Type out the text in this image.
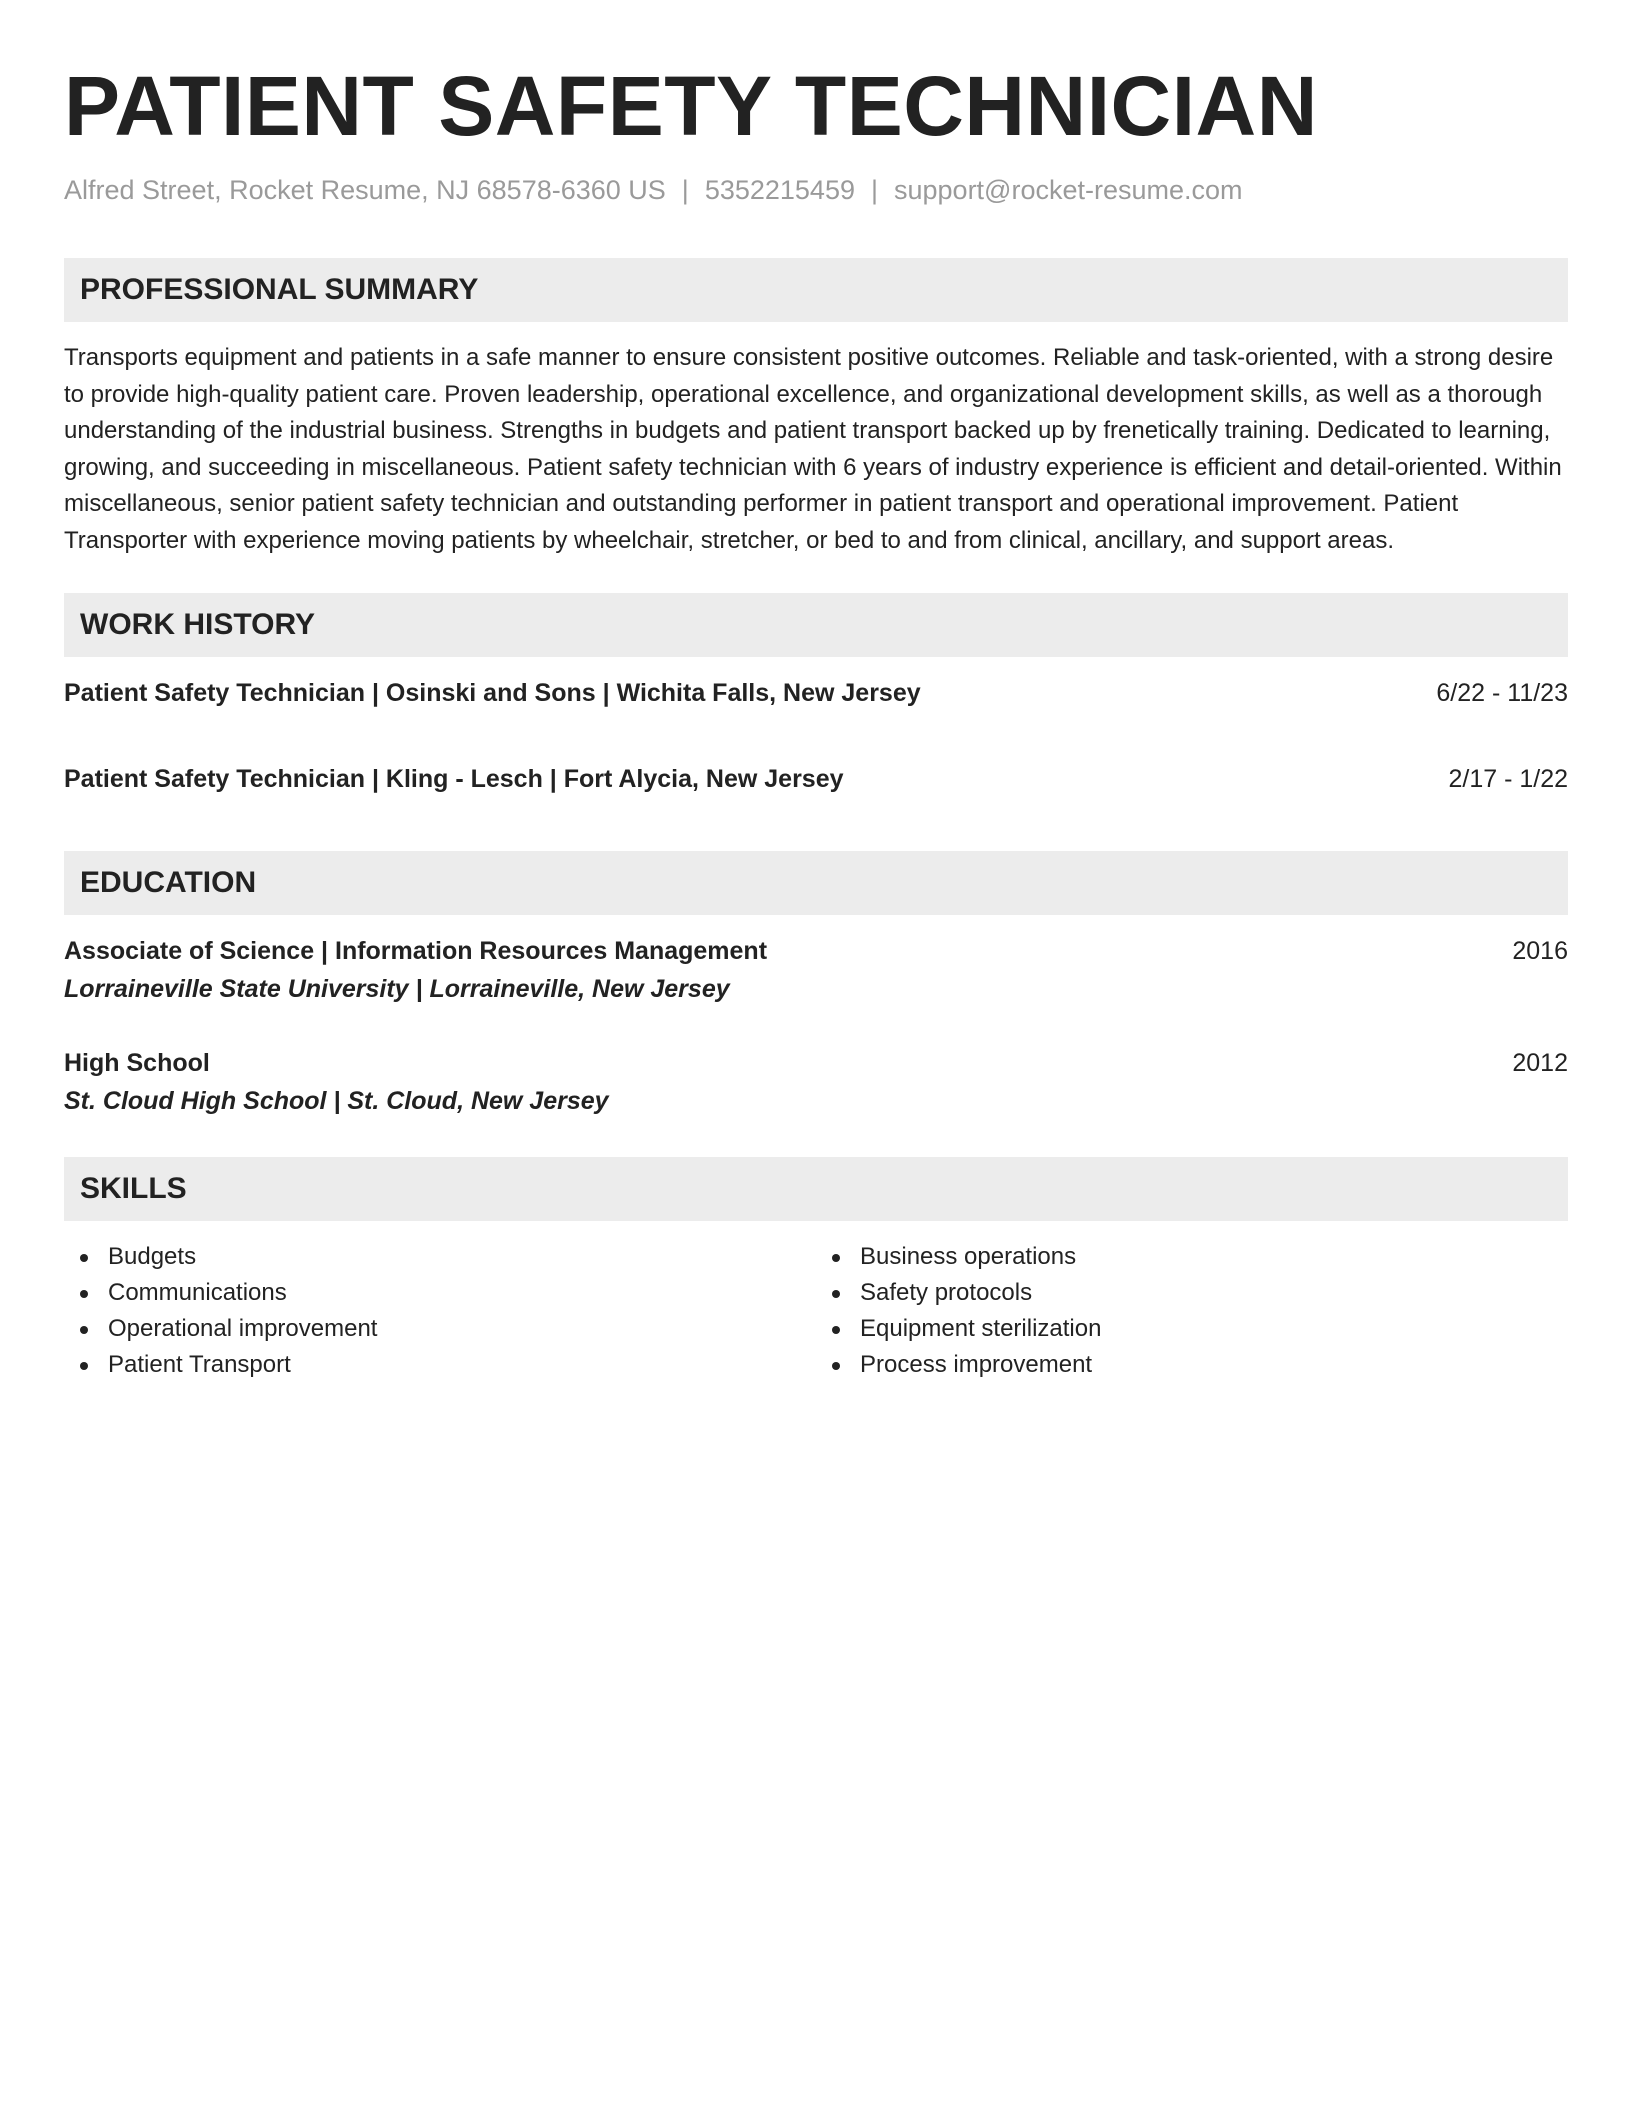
PATIENT SAFETY TECHNICIAN
Alfred Street, Rocket Resume, NJ 68578-6360 US | 5352215459 | support@rocket-resume.com
PROFESSIONAL SUMMARY
Transports equipment and patients in a safe manner to ensure consistent positive outcomes. Reliable and task-oriented, with a strong desire to provide high-quality patient care. Proven leadership, operational excellence, and organizational development skills, as well as a thorough understanding of the industrial business. Strengths in budgets and patient transport backed up by frenetically training. Dedicated to learning, growing, and succeeding in miscellaneous. Patient safety technician with 6 years of industry experience is efficient and detail-oriented. Within miscellaneous, senior patient safety technician and outstanding performer in patient transport and operational improvement. Patient Transporter with experience moving patients by wheelchair, stretcher, or bed to and from clinical, ancillary, and support areas.
WORK HISTORY
Patient Safety Technician | Osinski and Sons | Wichita Falls, New Jersey	6/22 - 11/23
Patient Safety Technician | Kling - Lesch | Fort Alycia, New Jersey	2/17 - 1/22
EDUCATION
Associate of Science | Information Resources Management	2016
Lorraineville State University | Lorraineville, New Jersey
High School	2012
St. Cloud High School | St. Cloud, New Jersey
SKILLS
Budgets
Communications
Operational improvement
Patient Transport
Business operations
Safety protocols
Equipment sterilization
Process improvement
